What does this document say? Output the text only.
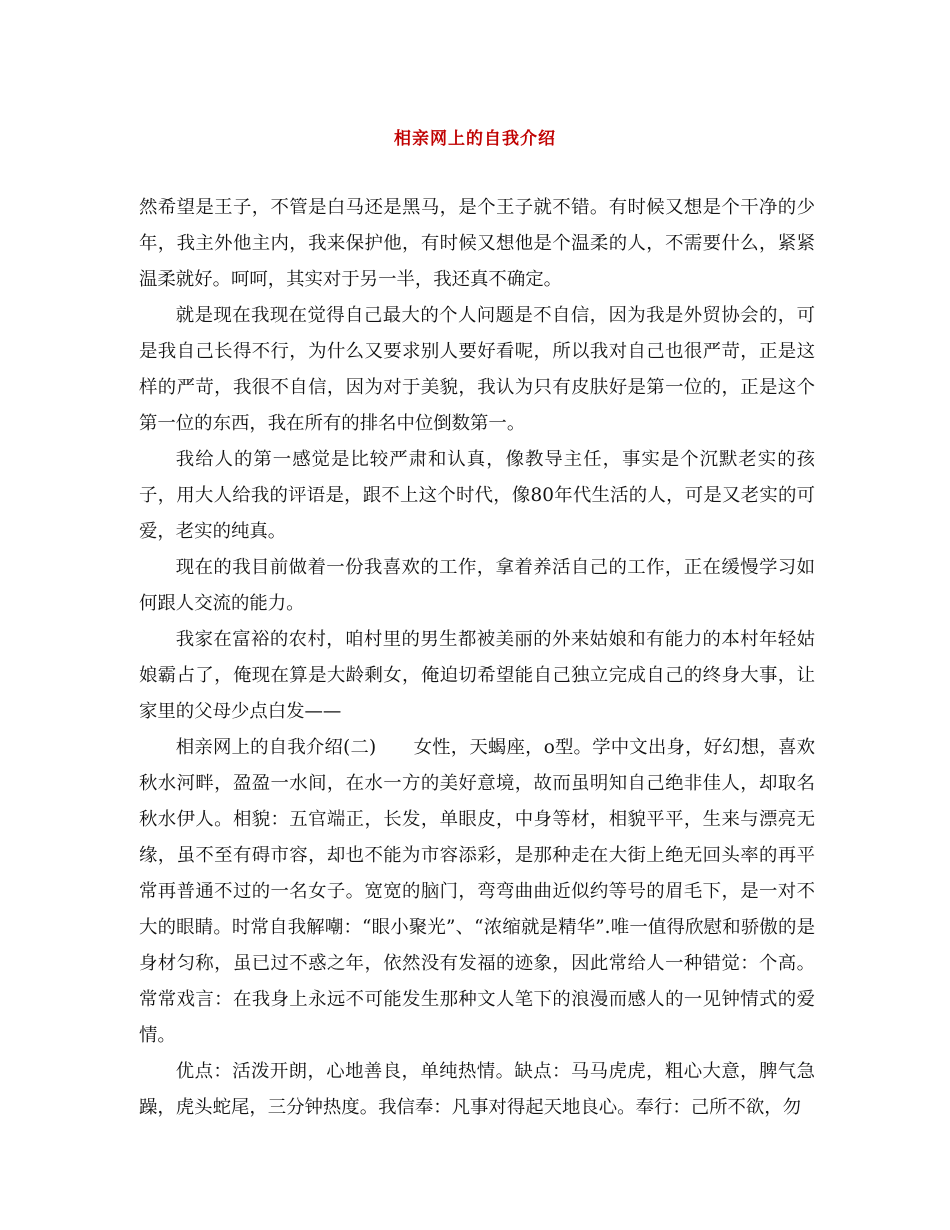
相亲网上的自我介绍

然希望是王子，不管是白马还是黑马，是个王子就不错。有时候又想是个干净的少年，我主外他主内，我来保护他，有时候又想他是个温柔的人，不需要什么，紧紧温柔就好。呵呵，其实对于另一半，我还真不确定。

就是现在我现在觉得自己最大的个人问题是不自信，因为我是外贸协会的，可是我自己长得不行，为什么又要求别人要好看呢，所以我对自己也很严苛，正是这样的严苛，我很不自信，因为对于美貌，我认为只有皮肤好是第一位的，正是这个第一位的东西，我在所有的排名中位倒数第一。

我给人的第一感觉是比较严肃和认真，像教导主任，事实是个沉默老实的孩子，用大人给我的评语是，跟不上这个时代，像80年代生活的人，可是又老实的可爱，老实的纯真。

现在的我目前做着一份我喜欢的工作，拿着养活自己的工作，正在缓慢学习如何跟人交流的能力。

我家在富裕的农村，咱村里的男生都被美丽的外来姑娘和有能力的本村年轻姑娘霸占了，俺现在算是大龄剩女，俺迫切希望能自己独立完成自己的终身大事，让家里的父母少点白发——

相亲网上的自我介绍(二)　　女性，天蝎座，o型。学中文出身，好幻想，喜欢秋水河畔，盈盈一水间，在水一方的美好意境，故而虽明知自己绝非佳人，却取名秋水伊人。相貌：五官端正，长发，单眼皮，中身等材，相貌平平，生来与漂亮无缘，虽不至有碍市容，却也不能为市容添彩，是那种走在大街上绝无回头率的再平常再普通不过的一名女子。宽宽的脑门，弯弯曲曲近似约等号的眉毛下，是一对不大的眼睛。时常自我解嘲：“眼小聚光”、“浓缩就是精华”.唯一值得欣慰和骄傲的是身材匀称，虽已过不惑之年，依然没有发福的迹象，因此常给人一种错觉：个高。常常戏言：在我身上永远不可能发生那种文人笔下的浪漫而感人的一见钟情式的爱情。

优点：活泼开朗，心地善良，单纯热情。缺点：马马虎虎，粗心大意，脾气急躁，虎头蛇尾，三分钟热度。我信奉：凡事对得起天地良心。奉行：己所不欲，勿
